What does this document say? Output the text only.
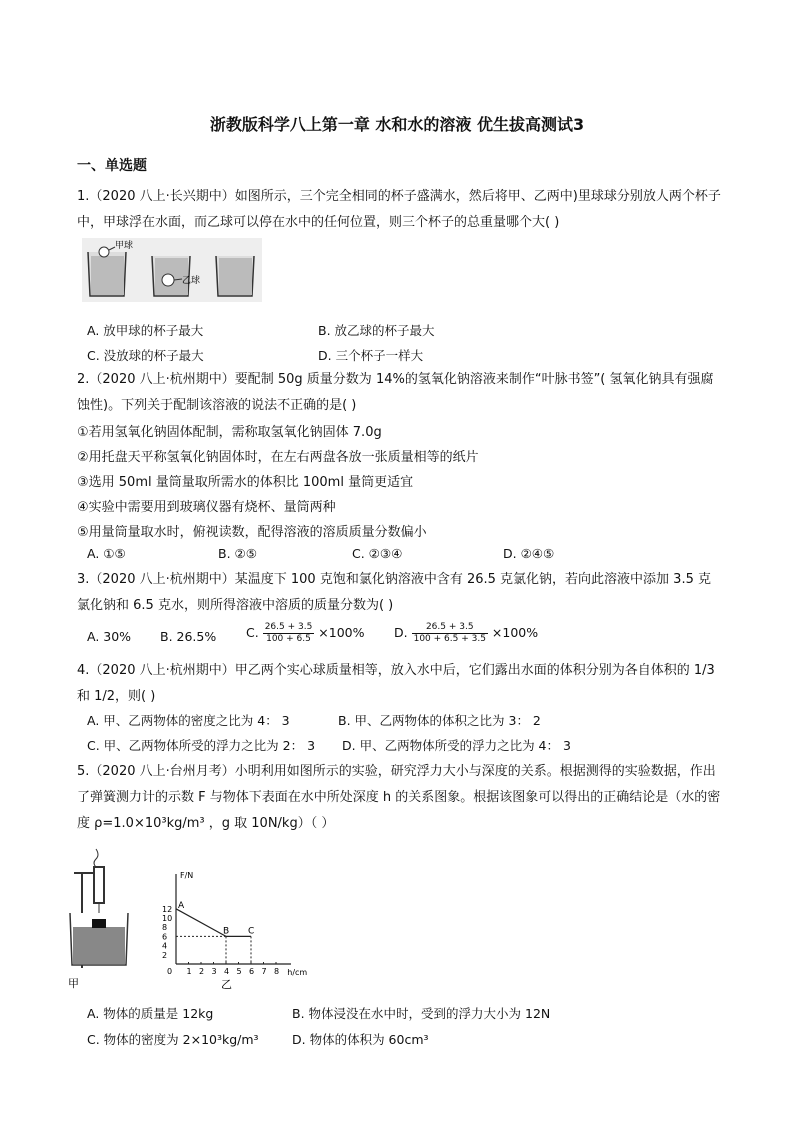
浙教版科学八上第一章 水和水的溶液 优生拔高测试3
一、单选题
1.（2020 八上·长兴期中）如图所示，三个完全相同的杯子盛满水，然后将甲、乙两中)里球球分别放人两个杯子中，甲球浮在水面，而乙球可以停在水中的任何位置，则三个杯子的总重量哪个大( )
甲球
乙球
A. 放甲球的杯子最大	B. 放乙球的杯子最大
C. 没放球的杯子最大	D. 三个杯子一样大
2.（2020 八上·杭州期中）要配制 50g 质量分数为 14%的氢氧化钠溶液来制作“叶脉书签”( 氢氧化钠具有强腐蚀性)。下列关于配制该溶液的说法不正确的是( )
①若用氢氧化钠固体配制，需称取氢氧化钠固体 7.0g
②用托盘天平称氢氧化钠固体时，在左右两盘各放一张质量相等的纸片
③选用 50ml 量筒量取所需水的体积比 100ml 量筒更适宜
④实验中需要用到玻璃仪器有烧杯、量筒两种
⑤用量筒量取水时，俯视读数，配得溶液的溶质质量分数偏小
A. ①⑤	B. ②⑤	C. ②③④	D. ②④⑤
3.（2020 八上·杭州期中）某温度下 100 克饱和氯化钠溶液中含有 26.5 克氯化钠，若向此溶液中添加 3.5 克氯化钠和 6.5 克水，则所得溶液中溶质的质量分数为( )
A. 30% B. 26.5% C. $\frac{26.5 + 3.5}{100 + 6.5} \times 100\%$ D. $\frac{26.5 + 3.5}{100 + 6.5 + 3.5} \times 100\%$
4.（2020 八上·杭州期中）甲乙两个实心球质量相等，放入水中后，它们露出水面的体积分别为各自体积的 1/3 和 1/2，则( )
A. 甲、乙两物体的密度之比为 4： 3	B. 甲、乙两物体的体积之比为 3： 2
C. 甲、乙两物体所受的浮力之比为 2： 3 D. 甲、乙两物体所受的浮力之比为 4： 3
5.（2020 八上·台州月考）小明利用如图所示的实验，研究浮力大小与深度的关系。根据测得的实验数据，作出了弹簧测力计的示数 F 与物体下表面在水中所处深度 h 的关系图象。根据该图象可以得出的正确结论是（水的密度 ρ=1.0×10³kg/m³ ，g 取 10N/kg）（ ）
甲
F/N
h/cm
0
12
10
8
6
4
2
1 2 3 4 5 6 7 8
A
B C
乙
A. 物体的质量是 12kg	B. 物体浸没在水中时，受到的浮力大小为 12N
C. 物体的密度为 2×10³kg/m³	D. 物体的体积为 60cm³
